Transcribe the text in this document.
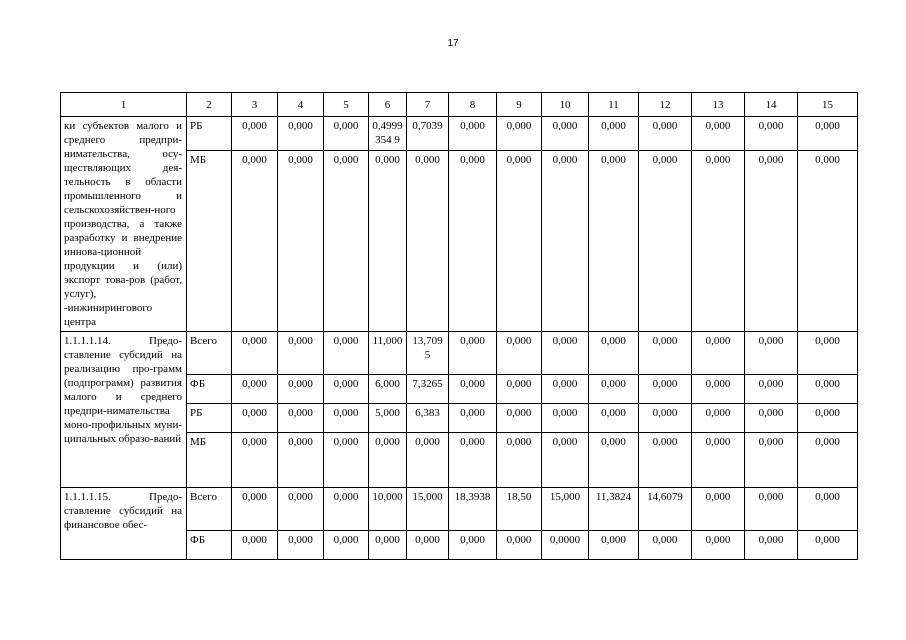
17
1	2	3	4	5	6	7	8	9	10	11	12	13	14	15
ки субъектов малого и среднего предпри-нимательства, осу-ществляющих дея-тельность в области промышленного и сельскохозяйствен-ного производства, а также разработку и внедрение иннова-ционной продукции и (или) экспорт това-ров (работ, услуг), -инжинирингового центра	РБ	0,000	0,000	0,000	0,4999354 9	0,7039	0,000	0,000	0,000	0,000	0,000	0,000	0,000	0,000
	МБ	0,000	0,000	0,000	0,000	0,000	0,000	0,000	0,000	0,000	0,000	0,000	0,000	0,000
1.1.1.1.14. Предо-ставление субсидий на реализацию про-грамм (подпрограмм) развития малого и среднего предпри-нимательства моно-профильных муни-ципальных образо-ваний	Всего	0,000	0,000	0,000	11,000	13,7095	0,000	0,000	0,000	0,000	0,000	0,000	0,000	0,000
	ФБ	0,000	0,000	0,000	6,000	7,3265	0,000	0,000	0,000	0,000	0,000	0,000	0,000	0,000
	РБ	0,000	0,000	0,000	5,000	6,383	0,000	0,000	0,000	0,000	0,000	0,000	0,000	0,000
	МБ	0,000	0,000	0,000	0,000	0,000	0,000	0,000	0,000	0,000	0,000	0,000	0,000	0,000
1.1.1.1.15. Предо-ставление субсидий на финансовое обес-	Всего	0,000	0,000	0,000	10,000	15,000	18,3938	18,50	15,000	11,3824	14,6079	0,000	0,000	0,000
	ФБ	0,000	0,000	0,000	0,000	0,000	0,000	0,000	0,0000	0,000	0,000	0,000	0,000	0,000
